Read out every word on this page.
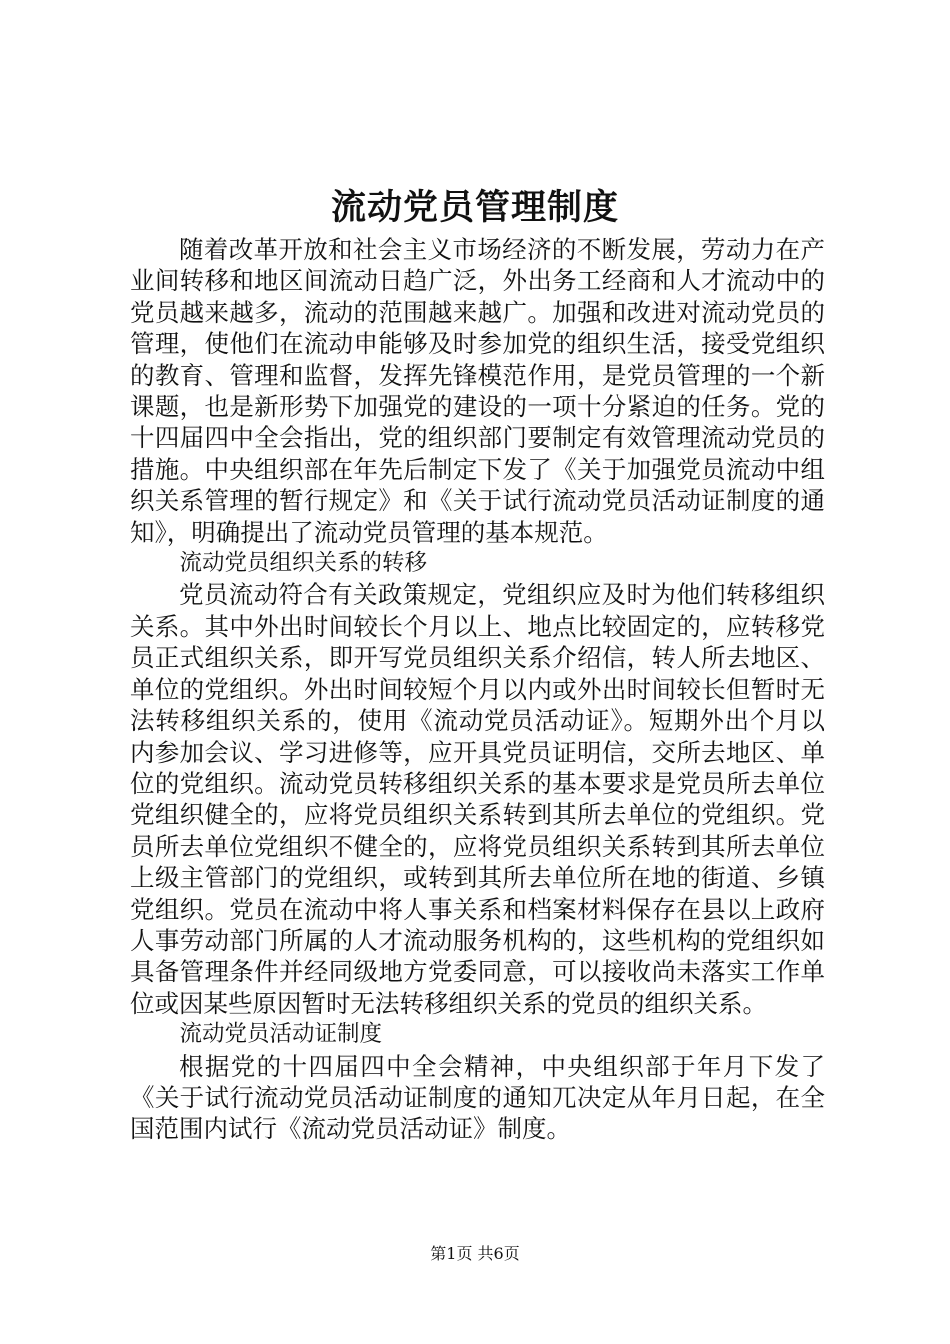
流动党员管理制度

随着改革开放和社会主义市场经济的不断发展，劳动力在产业间转移和地区间流动日趋广泛，外出务工经商和人才流动中的党员越来越多，流动的范围越来越广。加强和改进对流动党员的管理，使他们在流动申能够及时参加党的组织生活，接受党组织的教育、管理和监督，发挥先锋模范作用，是党员管理的一个新课题，也是新形势下加强党的建设的一项十分紧迫的任务。党的十四届四中全会指出，党的组织部门要制定有效管理流动党员的措施。中央组织部在年先后制定下发了《关于加强党员流动中组织关系管理的暂行规定》和《关于试行流动党员活动证制度的通知》，明确提出了流动党员管理的基本规范。

流动党员组织关系的转移

党员流动符合有关政策规定，党组织应及时为他们转移组织关系。其中外出时间较长个月以上、地点比较固定的，应转移党员正式组织关系，即开写党员组织关系介绍信，转人所去地区、单位的党组织。外出时间较短个月以内或外出时间较长但暂时无法转移组织关系的，使用《流动党员活动证》。短期外出个月以内参加会议、学习进修等，应开具党员证明信，交所去地区、单位的党组织。流动党员转移组织关系的基本要求是党员所去单位党组织健全的，应将党员组织关系转到其所去单位的党组织。党员所去单位党组织不健全的，应将党员组织关系转到其所去单位上级主管部门的党组织，或转到其所去单位所在地的街道、乡镇党组织。党员在流动中将人事关系和档案材料保存在县以上政府人事劳动部门所属的人才流动服务机构的，这些机构的党组织如具备管理条件并经同级地方党委同意，可以接收尚未落实工作单位或因某些原因暂时无法转移组织关系的党员的组织关系。

流动党员活动证制度

根据党的十四届四中全会精神，中央组织部于年月下发了《关于试行流动党员活动证制度的通知兀决定从年月日起，在全国范围内试行《流动党员活动证》制度。

第1页 共6页
